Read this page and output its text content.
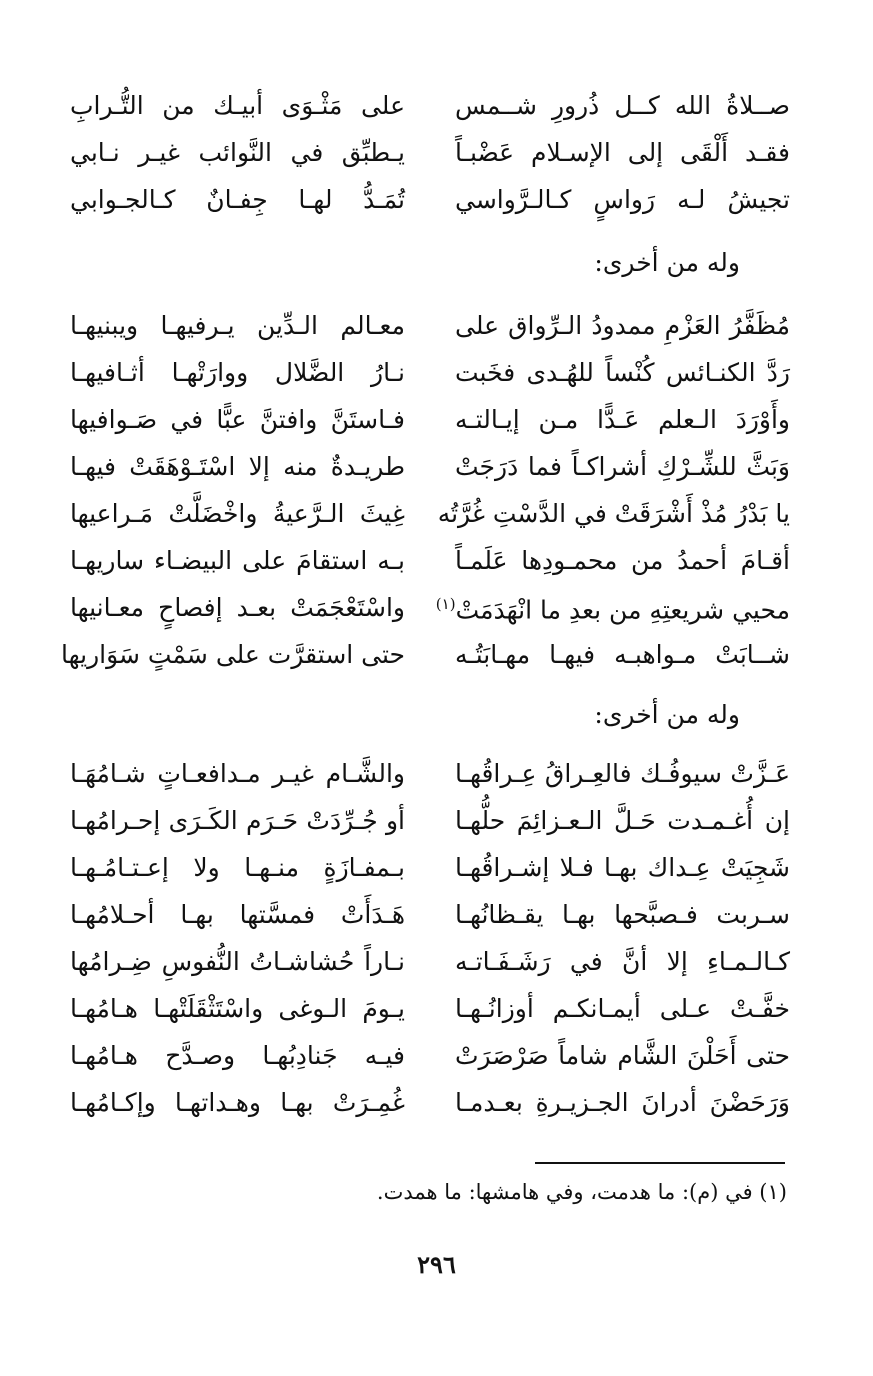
صــلاةُ الله كــل ذُرورِ شــمس
على مَثْـوَى أبيـك من التُّـرابِ
فقـد أَلْقَى إلى الإسـلام عَضْبـاً
يـطبِّق في النَّوائب غيـر نـابي
تجيشُ لـه رَواسٍ كـالـرَّواسي
تُمَـدُّ لهـا جِفـانٌ كـالجـوابي
وله من أخرى:
مُظَفَّرُ العَزْمِ ممدودُ الـرِّواق على
معـالم الـدِّين يـرفيهـا ويبنيهـا
رَدَّ الكنـائس كُنْساً للهُـدى فخَبت
نـارُ الضَّلال ووارَتْهـا أثـافيهـا
وأَوْرَدَ الـعلم عَـدًّا مـن إيـالتـه
فـاستَنَّ وافتنَّ عبًّا في صَـوافيها
وَبَثَّ للشِّـرْكِ أشراكـاً فما دَرَجَتْ
طريـدةٌ منه إلا اسْتَـوْهَقَتْ فيهـا
يا بَدْرُ مُذْ أَشْرَقَتْ في الدَّسْتِ غُرَّتُه
غِيثَ الـرَّعيةُ واخْضَلَّتْ مَـراعيها
أقـامَ أحمدُ من محمـودِها عَلَمـاً
بـه استقامَ على البيضـاء ساريهـا
محيي شريعتِهِ من بعدِ ما انْهَدَمَتْ$^{(١)}$
واسْتَعْجَمَتْ بعـد إفصاحٍ معـانيها
شــابَتْ مـواهبـه فيهـا مهـابَتُـه
حتى استقرَّت على سَمْتٍ سَوَاريها
وله من أخرى:
عَـزَّتْ سيوفُـك فالعِـراقُ عِـراقُهـا
والشَّـام غيـر مـدافعـاتٍ شـامُهَـا
إن أُغـمـدت حَـلَّ الـعـزائِمَ حلُّهـا
أو جُـرِّدَتْ حَـرَم الكَـرَى إحـرامُهـا
شَجِيَتْ عِـداك بهـا فـلا إشـراقُهـا
بـمفـازَةٍ منـهـا ولا إعـتـامُـهـا
سـربت فـصبَّحها بهـا يقـظانُهـا
هَـدَأَتْ فمسَّتها بهـا أحـلامُهـا
كـالـمـاءِ إلا أنَّ في رَشَـفَـاتـه
نـاراً حُشاشـاتُ النُّفوسِ ضِـرامُها
خفَّـتْ عـلى أيمـانكـم أوزانُـهـا
يـومَ الـوغى واسْتَثْقَلَتْهـا هـامُهـا
حتى أَحَلْنَ الشَّام شاماً صَرْصَرَتْ
فيـه جَنادِبُهـا وصـدَّح هـامُهـا
وَرَحَضْنَ أدرانَ الجـزيـرةِ بعـدمـا
غُمِـرَتْ بهـا وهـداتهـا وإكـامُهـا
(١) في (م): ما هدمت، وفي هامشها: ما همدت.
٢٩٦
